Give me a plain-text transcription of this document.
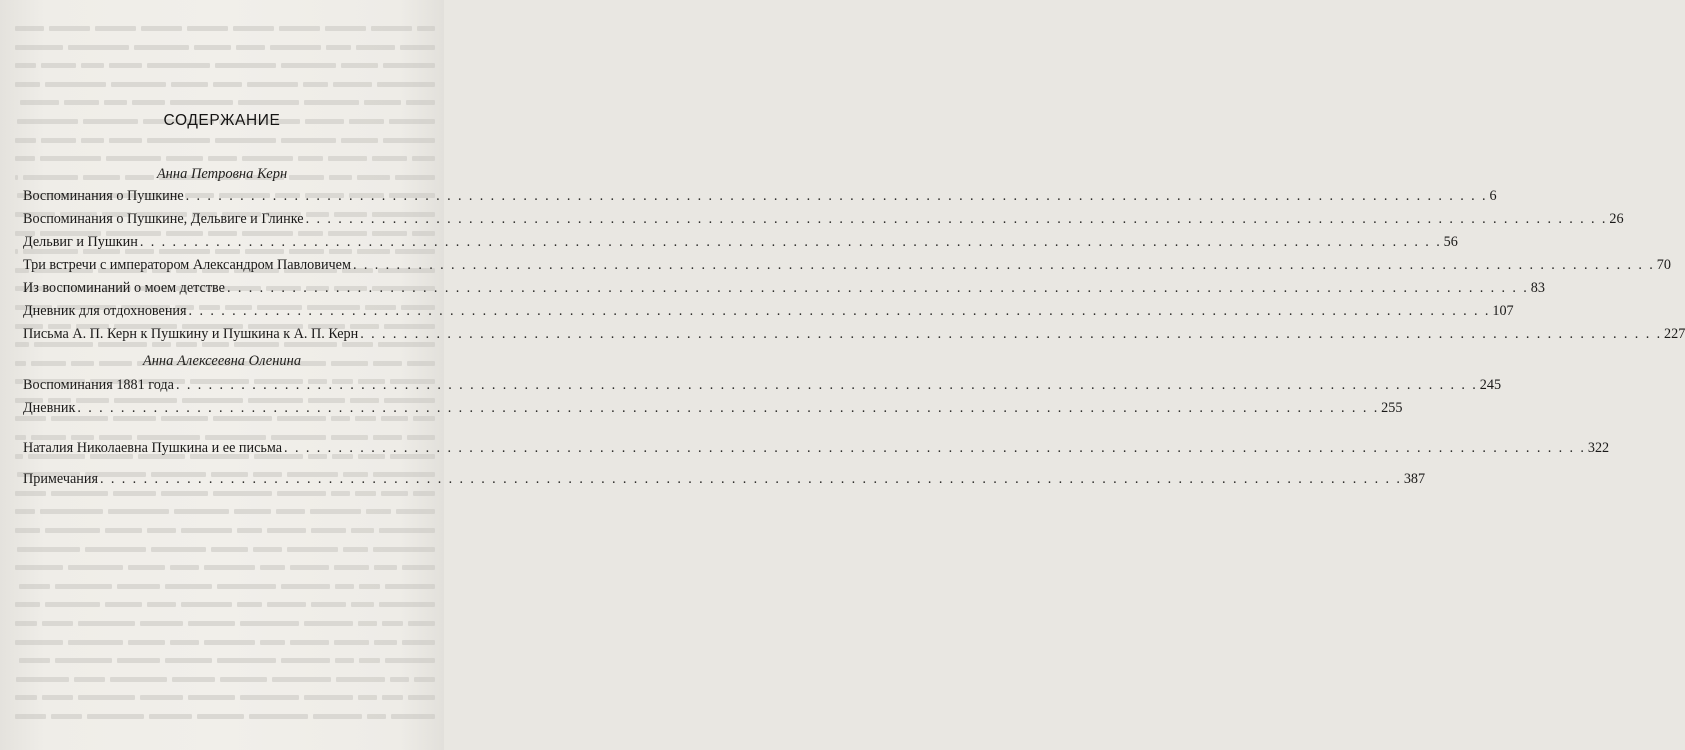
СОДЕРЖАНИЕ
Анна Петровна Керн
Воспоминания о Пушкине . . . . . . . . . . . . . . . . . . . . . . . . . . . . . . . . . . . . . . . . . . . . . . . . . . . . . . . . . . . . . . . . . . . . . . . . . . . . . . . . . . . . . . . . . . . . . . . . . . . . . . . . . . . . . . . . . . . . . . . . 6
Воспоминания о Пушкине, Дельвиге и Глинке . . . . . . . . . . . . . . . . . . . . . . . . . . . . . . . . . . . . . . . . . . . . . . . . . . . . . . . . . . . . . . . . . . . . . . . . . . . . . . . . . . . . . . . . . . . . . . . . . . . . . . . . . . . . . . . . . . . . . . . . 26
Дельвиг и Пушкин . . . . . . . . . . . . . . . . . . . . . . . . . . . . . . . . . . . . . . . . . . . . . . . . . . . . . . . . . . . . . . . . . . . . . . . . . . . . . . . . . . . . . . . . . . . . . . . . . . . . . . . . . . . . . . . . . . . . . . . . 56
Три встречи с императором Александром Павловичем . . . . . . . . . . . . . . . . . . . . . . . . . . . . . . . . . . . . . . . . . . . . . . . . . . . . . . . . . . . . . . . . . . . . . . . . . . . . . . . . . . . . . . . . . . . . . . . . . . . . . . . . . . . . . . . . . . . . . . . . 70
Из воспоминаний о моем детстве . . . . . . . . . . . . . . . . . . . . . . . . . . . . . . . . . . . . . . . . . . . . . . . . . . . . . . . . . . . . . . . . . . . . . . . . . . . . . . . . . . . . . . . . . . . . . . . . . . . . . . . . . . . . . . . . . . . . . . . . 83
Дневник для отдохновения . . . . . . . . . . . . . . . . . . . . . . . . . . . . . . . . . . . . . . . . . . . . . . . . . . . . . . . . . . . . . . . . . . . . . . . . . . . . . . . . . . . . . . . . . . . . . . . . . . . . . . . . . . . . . . . . . . . . . . . . 107
Письма А. П. Керн к Пушкину и Пушкина к А. П. Керн . . . . . . . . . . . . . . . . . . . . . . . . . . . . . . . . . . . . . . . . . . . . . . . . . . . . . . . . . . . . . . . . . . . . . . . . . . . . . . . . . . . . . . . . . . . . . . . . . . . . . . . . . . . . . . . . . . . . . . . . 227
Анна Алексеевна Оленина
Воспоминания 1881 года . . . . . . . . . . . . . . . . . . . . . . . . . . . . . . . . . . . . . . . . . . . . . . . . . . . . . . . . . . . . . . . . . . . . . . . . . . . . . . . . . . . . . . . . . . . . . . . . . . . . . . . . . . . . . . . . . . . . . . . . 245
Дневник . . . . . . . . . . . . . . . . . . . . . . . . . . . . . . . . . . . . . . . . . . . . . . . . . . . . . . . . . . . . . . . . . . . . . . . . . . . . . . . . . . . . . . . . . . . . . . . . . . . . . . . . . . . . . . . . . . . . . . . . 255
Наталия Николаевна Пушкина и ее письма . . . . . . . . . . . . . . . . . . . . . . . . . . . . . . . . . . . . . . . . . . . . . . . . . . . . . . . . . . . . . . . . . . . . . . . . . . . . . . . . . . . . . . . . . . . . . . . . . . . . . . . . . . . . . . . . . . . . . . . . 322
Примечания . . . . . . . . . . . . . . . . . . . . . . . . . . . . . . . . . . . . . . . . . . . . . . . . . . . . . . . . . . . . . . . . . . . . . . . . . . . . . . . . . . . . . . . . . . . . . . . . . . . . . . . . . . . . . . . . . . . . . . . . 387
